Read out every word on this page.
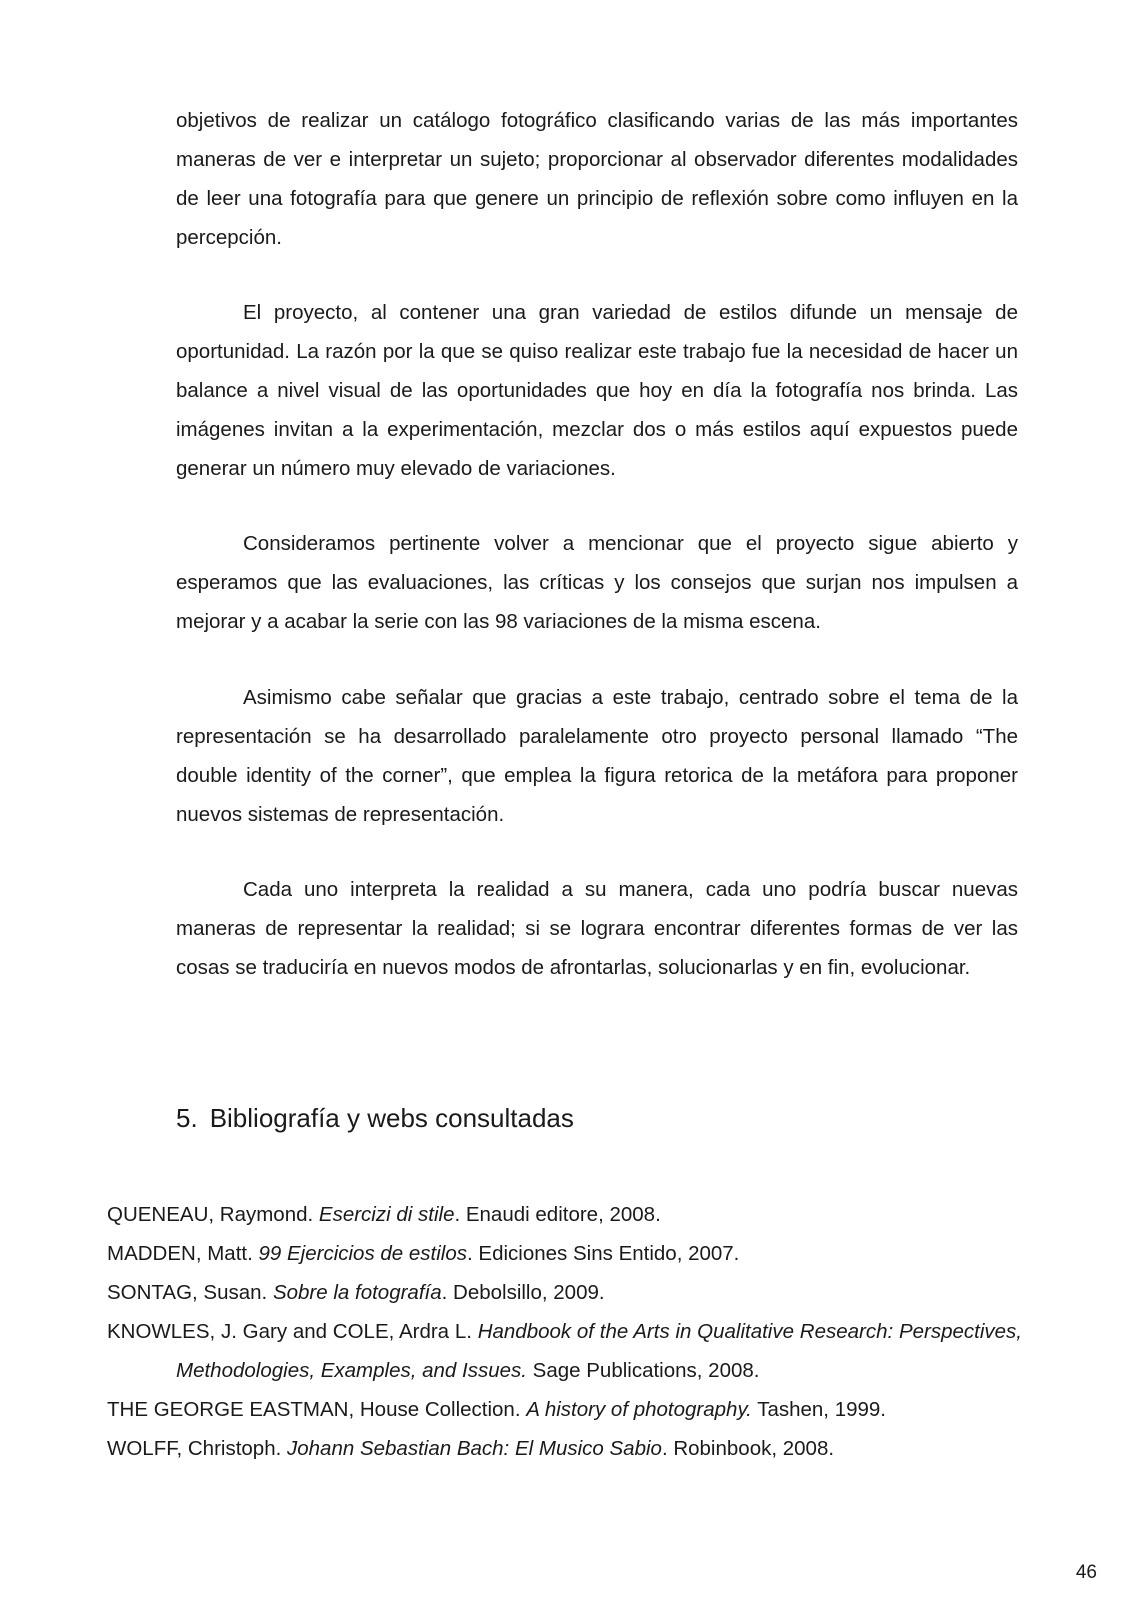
objetivos de realizar un catálogo fotográfico clasificando varias de las más importantes maneras de ver e interpretar un sujeto; proporcionar al observador diferentes modalidades de leer una fotografía para que genere un principio de reflexión sobre como influyen en la percepción.

El proyecto, al contener una gran variedad de estilos difunde un mensaje de oportunidad. La razón por la que se quiso realizar este trabajo fue la necesidad de hacer un balance a nivel visual de las oportunidades que hoy en día la fotografía nos brinda. Las imágenes invitan a la experimentación, mezclar dos o más estilos aquí expuestos puede generar un número muy elevado de variaciones.

Consideramos pertinente volver a mencionar que el proyecto sigue abierto y esperamos que las evaluaciones, las críticas y los consejos que surjan nos impulsen a mejorar y a acabar la serie con las 98 variaciones de la misma escena.

Asimismo cabe señalar que gracias a este trabajo, centrado sobre el tema de la representación se ha desarrollado paralelamente otro proyecto personal llamado “The double identity of the corner”, que emplea la figura retorica de la metáfora para proponer nuevos sistemas de representación.

Cada uno interpreta la realidad a su manera, cada uno podría buscar nuevas maneras de representar la realidad; si se lograra encontrar diferentes formas de ver las cosas se traduciría en nuevos modos de afrontarlas, solucionarlas y en fin, evolucionar.

5. Bibliografía y webs consultadas
QUENEAU, Raymond. Esercizi di stile. Enaudi editore, 2008.
MADDEN, Matt. 99 Ejercicios de estilos. Ediciones Sins Entido, 2007.
SONTAG, Susan. Sobre la fotografía. Debolsillo, 2009.
KNOWLES, J. Gary and COLE, Ardra L. Handbook of the Arts in Qualitative Research: Perspectives, Methodologies, Examples, and Issues. Sage Publications, 2008.
THE GEORGE EASTMAN, House Collection. A history of photography. Tashen, 1999.
WOLFF, Christoph. Johann Sebastian Bach: El Musico Sabio. Robinbook, 2008.
46
